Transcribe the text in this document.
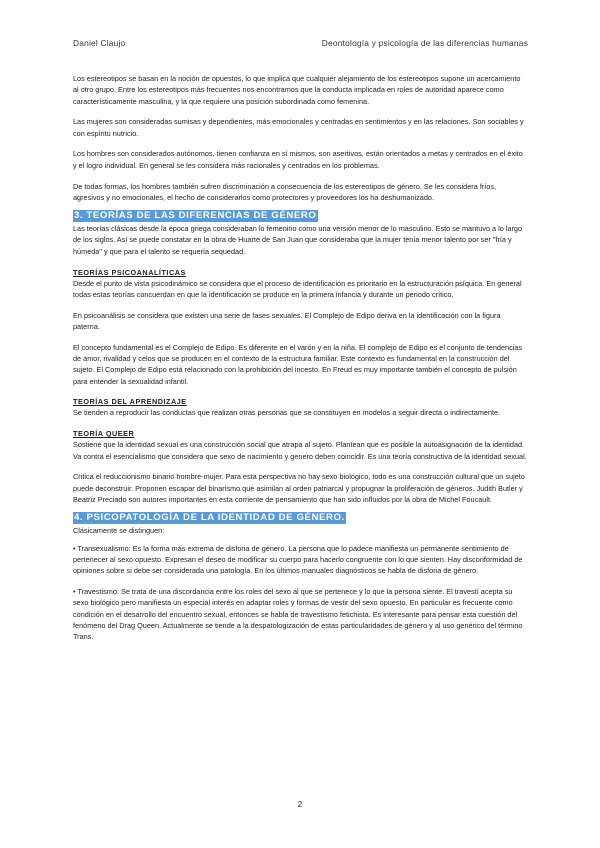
Daniel Claujo	Deontología y psicología de las diferencias humanas

Los estereotipos se basan en la noción de opuestos, lo que implica que cualquier alejamiento de los estereotipos supone un acercamiento al otro grupo. Entre los estereotipos más frecuentes nos encontramos que la conducta implicada en roles de autoridad aparece como característicamente masculina, y la que requiere una posición subordinada como femenina.

Las mujeres son consideradas sumisas y dependientes, más emocionales y centradas en sentimientos y en las relaciones. Son sociables y con espíritu nutricio.

Los hombres son considerados autónomos, tienen confianza en sí mismos, son asertivos, están orientados a metas y centrados en el éxito y el logro individual. En general se les considera más racionales y centrados en los problemas.

De todas formas, los hombres también sufren discriminación a consecuencia de los estereotipos de género. Se les considera fríos, agresivos y no emocionales, el hecho de considerarlos como protectores y proveedores los ha deshumanizado.

3. TEORÍAS DE LAS DIFERENCIAS DE GÉNERO

Las teorías clásicas desde la época griega consideraban lo femenino como una versión menor de lo masculino. Esto se mantuvo a lo largo de los siglos. Así se puede constatar en la obra de Huarte de San Juan que consideraba que la mujer tenía menor talento por ser "fría y húmeda" y que para el talento se requería sequedad.

TEORÍAS PSICOANALÍTICAS

Desde el punto de vista psicodinámico se considera que el proceso de identificación es prioritario en la estructuración psíquica. En general todas estas teorías concuerdan en que la identificación se produce en la primera infancia y durante un periodo crítico.

En psicoanálisis se considera que existen una serie de fases sexuales. El Complejo de Edipo deriva en la identificación con la figura paterna.

El concepto fundamental es el Complejo de Edipo. Es diferente en el varón y en la niña. El complejo de Edipo es el conjunto de tendencias de amor, rivalidad y celos que se producen en el contexto de la estructura familiar. Este contexto es fundamental en la construcción del sujeto. El Complejo de Edipo está relacionado con la prohibición del incesto. En Freud es muy importante también el concepto de pulsión para entender la sexualidad infantil.

TEORÍAS DEL APRENDIZAJE

Se tienden a reproducir las conductas que realizan otras personas que se constituyen en modelos a seguir directa o indirectamente.

TEORÍA QUEER

Sostiene que la identidad sexual es una construcción social que atrapa al sujeto. Plantean que es posible la autoasignación de la identidad. Va contra el esencialismo que considera que sexo de nacimiento y genero deben coincidir. Es una teoría constructiva de la identidad sexual.

Critica el reduccionismo binario hombre-mujer. Para esta perspectiva no hay sexo biológico, todo es una construcción cultural que un sujeto puede deconstruir. Proponen escapar del binarismo que asimilan al orden patriarcal y propugnar la proliferación de géneros. Judith Butler y Beatriz Preciado son autores importantes en esta corriente de pensamiento que han sido influidos por la obra de Michel Foucault.

4. PSICOPATOLOGÍA DE LA IDENTIDAD DE GÉNERO.

Clásicamente se distinguen:

• Transexualismo: Es la forma más extrema de disforia de género. La persona que lo padece manifiesta un permanente sentimiento de pertenecer al sexo opuesto. Expresan el deseo de modificar su cuerpo para hacerlo congruente con lo que sienten. Hay disconformidad de opiniones sobre si debe ser considerada una patología. En los últimos manuales diagnósticos se habla de disforia de género.

• Travestismo: Se trata de una discordancia entre los roles del sexo al que se pertenece y lo que la persona siente. El travestí acepta su sexo biológico pero manifiesta un especial interés en adaptar roles y formas de vestir del sexo opuesto. En particular es frecuente como condición en el desarrollo del encuentro sexual, entonces se habla de travestismo fetichista. Es interesante para pensar esta cuestión del fenómeno del Drag Queen. Actualmente se tiende a la despatologización de estas particularidades de género y al uso genérico del término Trans.

2
